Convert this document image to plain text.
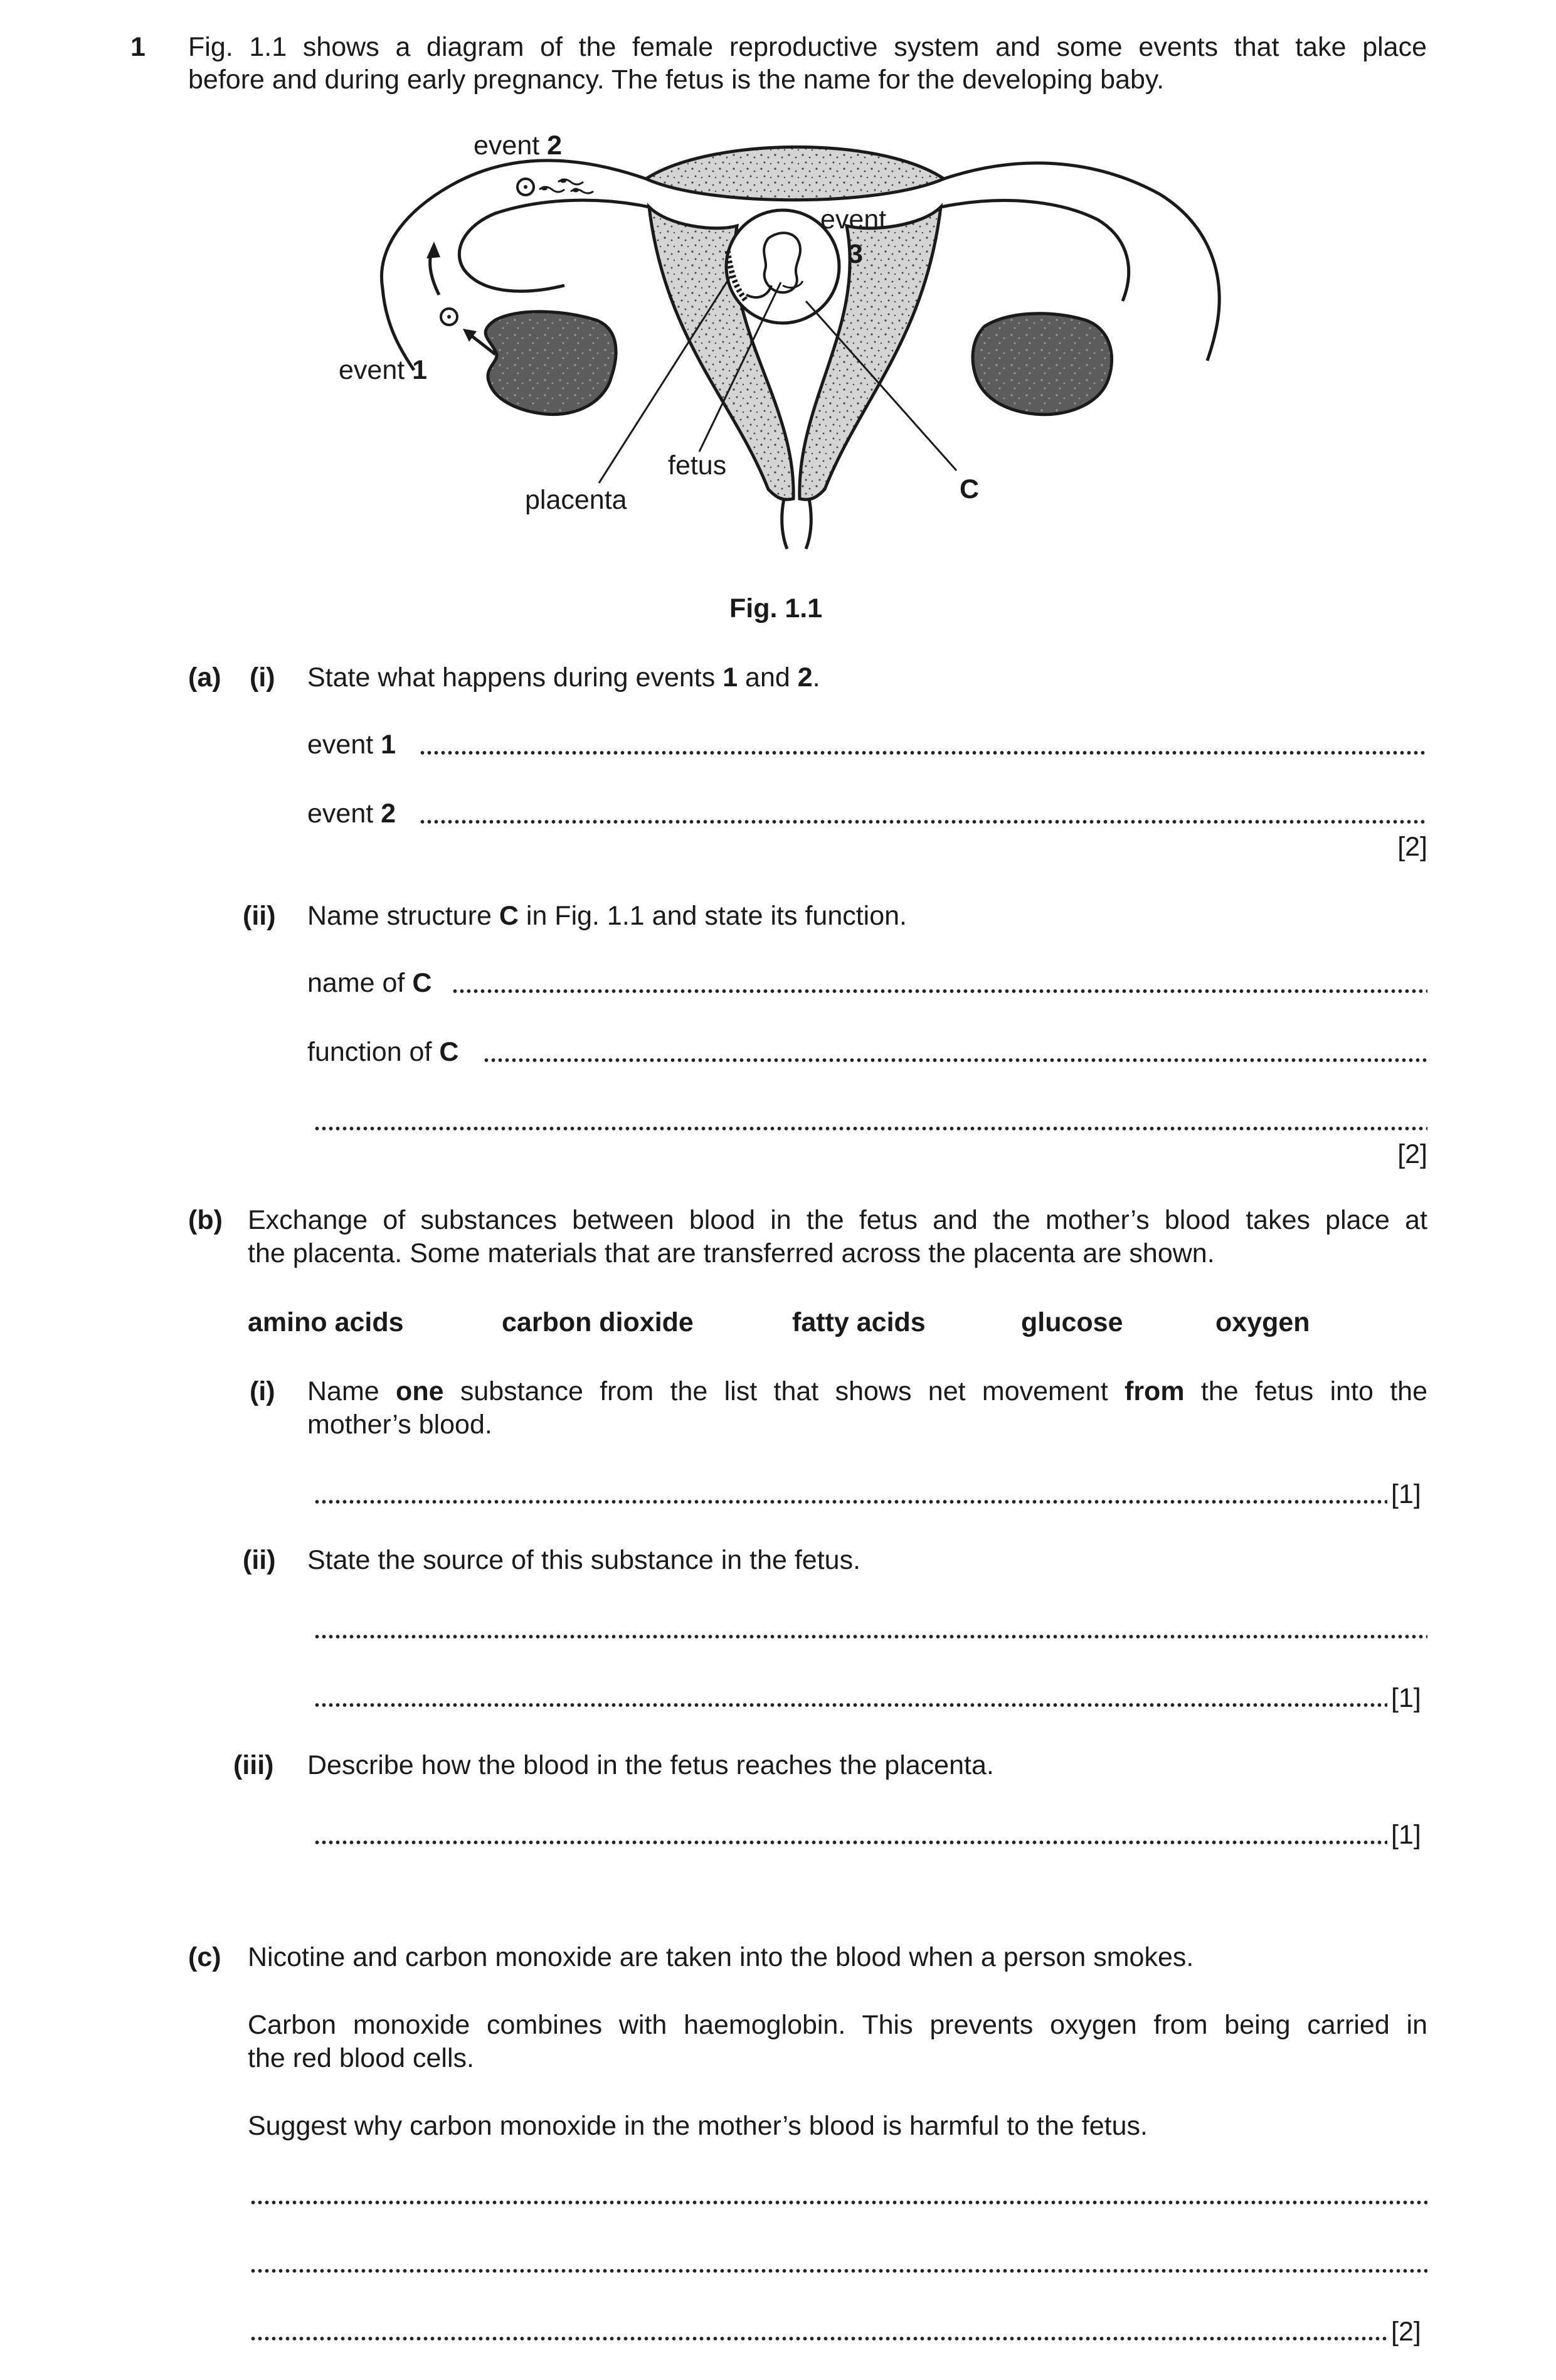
1 Fig. 1.1 shows a diagram of the female reproductive system and some events that take place
before and during early pregnancy. The fetus is the name for the developing baby.
event 2
event
3
event 1
fetus
placenta	C
Fig. 1.1
(a) (i) State what happens during events 1 and 2.
event 1
event 2
[2]
(ii) Name structure C in Fig. 1.1 and state its function.
name of C
function of C
[2]
(b) Exchange of substances between blood in the fetus and the mother’s blood takes place at
the placenta. Some materials that are transferred across the placenta are shown.
amino acids	carbon dioxide	fatty acids	glucose	oxygen
(i) Name one substance from the list that shows net movement from the fetus into the
mother’s blood.
[1]
(ii) State the source of this substance in the fetus.
[1]
(iii) Describe how the blood in the fetus reaches the placenta.
[1]
(c) Nicotine and carbon monoxide are taken into the blood when a person smokes.
Carbon monoxide combines with haemoglobin. This prevents oxygen from being carried in
the red blood cells.
Suggest why carbon monoxide in the mother’s blood is harmful to the fetus.
[2]
